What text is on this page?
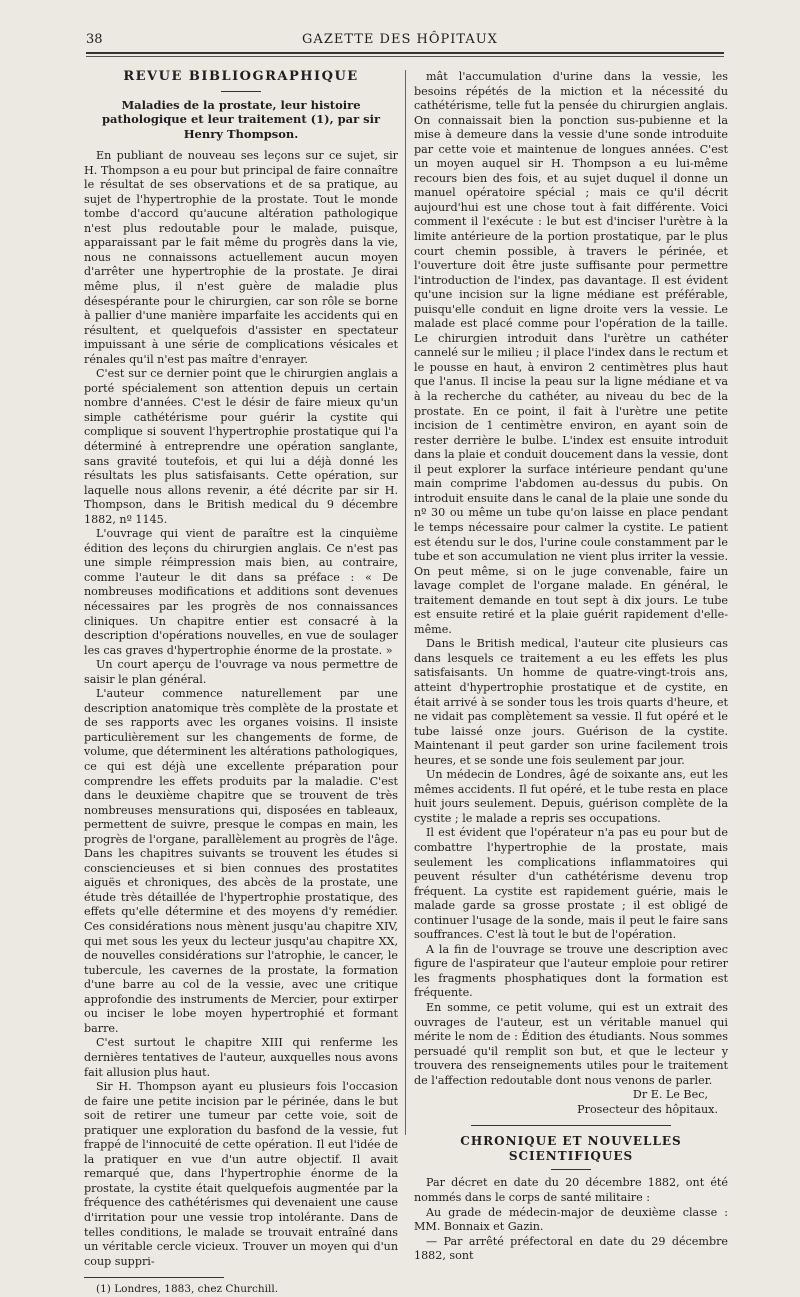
38	GAZETTE DES HÔPITAUX
REVUE BIBLIOGRAPHIQUE
Maladies de la prostate, leur histoire pathologique et leur traitement (1), par sir Henry Thompson.

En publiant de nouveau ses leçons sur ce sujet, sir H. Thompson a eu pour but principal de faire connaître le résultat de ses observations et de sa pratique, au sujet de l'hypertrophie de la prostate. Tout le monde tombe d'accord qu'aucune altération pathologique n'est plus redoutable pour le malade, puisque, apparaissant par le fait même du progrès dans la vie, nous ne connaissons actuellement aucun moyen d'arrêter une hypertrophie de la prostate. Je dirai même plus, il n'est guère de maladie plus désespérante pour le chirurgien, car son rôle se borne à pallier d'une manière imparfaite les accidents qui en résultent, et quelquefois d'assister en spectateur impuissant à une série de complications vésicales et rénales qu'il n'est pas maître d'enrayer.

C'est sur ce dernier point que le chirurgien anglais a porté spécialement son attention depuis un certain nombre d'années. C'est le désir de faire mieux qu'un simple cathétérisme pour guérir la cystite qui complique si souvent l'hypertrophie prostatique qui l'a déterminé à entreprendre une opération sanglante, sans gravité toutefois, et qui lui a déjà donné les résultats les plus satisfaisants. Cette opération, sur laquelle nous allons revenir, a été décrite par sir H. Thompson, dans le British medical du 9 décembre 1882, nº 1145.

L'ouvrage qui vient de paraître est la cinquième édition des leçons du chirurgien anglais. Ce n'est pas une simple réimpression mais bien, au contraire, comme l'auteur le dit dans sa préface : « De nombreuses modifications et additions sont devenues nécessaires par les progrès de nos connaissances cliniques. Un chapitre entier est consacré à la description d'opérations nouvelles, en vue de soulager les cas graves d'hypertrophie énorme de la prostate. »

Un court aperçu de l'ouvrage va nous permettre de saisir le plan général.

L'auteur commence naturellement par une description anatomique très complète de la prostate et de ses rapports avec les organes voisins. Il insiste particulièrement sur les changements de forme, de volume, que déterminent les altérations pathologiques, ce qui est déjà une excellente préparation pour comprendre les effets produits par la maladie. C'est dans le deuxième chapitre que se trouvent de très nombreuses mensurations qui, disposées en tableaux, permettent de suivre, presque le compas en main, les progrès de l'organe, parallèlement au progrès de l'âge. Dans les chapitres suivants se trouvent les études si consciencieuses et si bien connues des prostatites aiguës et chroniques, des abcès de la prostate, une étude très détaillée de l'hypertrophie prostatique, des effets qu'elle détermine et des moyens d'y remédier. Ces considérations nous mènent jusqu'au chapitre XIV, qui met sous les yeux du lecteur jusqu'au chapitre XX, de nouvelles considérations sur l'atrophie, le cancer, le tubercule, les cavernes de la prostate, la formation d'une barre au col de la vessie, avec une critique approfondie des instruments de Mercier, pour extirper ou inciser le lobe moyen hypertrophié et formant barre.

C'est surtout le chapitre XIII qui renferme les dernières tentatives de l'auteur, auxquelles nous avons fait allusion plus haut.

Sir H. Thompson ayant eu plusieurs fois l'occasion de faire une petite incision par le périnée, dans le but soit de retirer une tumeur par cette voie, soit de pratiquer une exploration du basfond de la vessie, fut frappé de l'innocuité de cette opération. Il eut l'idée de la pratiquer en vue d'un autre objectif. Il avait remarqué que, dans l'hypertrophie énorme de la prostate, la cystite était quelquefois augmentée par la fréquence des cathétérismes qui devenaient une cause d'irritation pour une vessie trop intolérante. Dans de telles conditions, le malade se trouvait entraîné dans un véritable cercle vicieux. Trouver un moyen qui d'un coup suppri-

(1) Londres, 1883, chez Churchill.

mât l'accumulation d'urine dans la vessie, les besoins répétés de la miction et la nécessité du cathétérisme, telle fut la pensée du chirurgien anglais. On connaissait bien la ponction sus-pubienne et la mise à demeure dans la vessie d'une sonde introduite par cette voie et maintenue de longues années. C'est un moyen auquel sir H. Thompson a eu lui-même recours bien des fois, et au sujet duquel il donne un manuel opératoire spécial ; mais ce qu'il décrit aujourd'hui est une chose tout à fait différente. Voici comment il l'exécute : le but est d'inciser l'urètre à la limite antérieure de la portion prostatique, par le plus court chemin possible, à travers le périnée, et l'ouverture doit être juste suffisante pour permettre l'introduction de l'index, pas davantage. Il est évident qu'une incision sur la ligne médiane est préférable, puisqu'elle conduit en ligne droite vers la vessie. Le malade est placé comme pour l'opération de la taille. Le chirurgien introduit dans l'urètre un cathéter cannelé sur le milieu ; il place l'index dans le rectum et le pousse en haut, à environ 2 centimètres plus haut que l'anus. Il incise la peau sur la ligne médiane et va à la recherche du cathéter, au niveau du bec de la prostate. En ce point, il fait à l'urètre une petite incision de 1 centimètre environ, en ayant soin de rester derrière le bulbe. L'index est ensuite introduit dans la plaie et conduit doucement dans la vessie, dont il peut explorer la surface intérieure pendant qu'une main comprime l'abdomen au-dessus du pubis. On introduit ensuite dans le canal de la plaie une sonde du nº 30 ou même un tube qu'on laisse en place pendant le temps nécessaire pour calmer la cystite. Le patient est étendu sur le dos, l'urine coule constamment par le tube et son accumulation ne vient plus irriter la vessie. On peut même, si on le juge convenable, faire un lavage complet de l'organe malade. En général, le traitement demande en tout sept à dix jours. Le tube est ensuite retiré et la plaie guérit rapidement d'elle-même.

Dans le British medical, l'auteur cite plusieurs cas dans lesquels ce traitement a eu les effets les plus satisfaisants. Un homme de quatre-vingt-trois ans, atteint d'hypertrophie prostatique et de cystite, en était arrivé à se sonder tous les trois quarts d'heure, et ne vidait pas complètement sa vessie. Il fut opéré et le tube laissé onze jours. Guérison de la cystite. Maintenant il peut garder son urine facilement trois heures, et se sonde une fois seulement par jour.

Un médecin de Londres, âgé de soixante ans, eut les mêmes accidents. Il fut opéré, et le tube resta en place huit jours seulement. Depuis, guérison complète de la cystite ; le malade a repris ses occupations.

Il est évident que l'opérateur n'a pas eu pour but de combattre l'hypertrophie de la prostate, mais seulement les complications inflammatoires qui peuvent résulter d'un cathétérisme devenu trop fréquent. La cystite est rapidement guérie, mais le malade garde sa grosse prostate ; il est obligé de continuer l'usage de la sonde, mais il peut le faire sans souffrances. C'est là tout le but de l'opération.

A la fin de l'ouvrage se trouve une description avec figure de l'aspirateur que l'auteur emploie pour retirer les fragments phosphatiques dont la formation est fréquente.

En somme, ce petit volume, qui est un extrait des ouvrages de l'auteur, est un véritable manuel qui mérite le nom de : Édition des étudiants. Nous sommes persuadé qu'il remplit son but, et que le lecteur y trouvera des renseignements utiles pour le traitement de l'affection redoutable dont nous venons de parler.

Dr E. Le Bec,
Prosecteur des hôpitaux.
CHRONIQUE ET NOUVELLES SCIENTIFIQUES

Par décret en date du 20 décembre 1882, ont été nommés dans le corps de santé militaire :

Au grade de médecin-major de deuxième classe : MM. Bonnaix et Gazin.

— Par arrêté préfectoral en date du 29 décembre 1882, sont
